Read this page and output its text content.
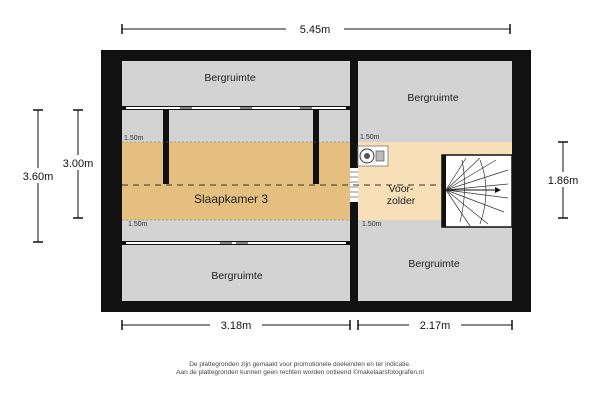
5.45m
Bergruimte
Bergruimte
Slaapkamer 3
Voor-
zolder
Bergruimte
Bergruimte
1.50m
1.50m
1.50m
1.50m
3.60m
3.00m
1.86m
3.18m	2.17m
De plattegronden zijn gemaakt voor promotionele doeleinden en ter indicatie.
Aan de plattegronden kunnen geen rechten worden ontleend ©makelaarsfotografen.nl
